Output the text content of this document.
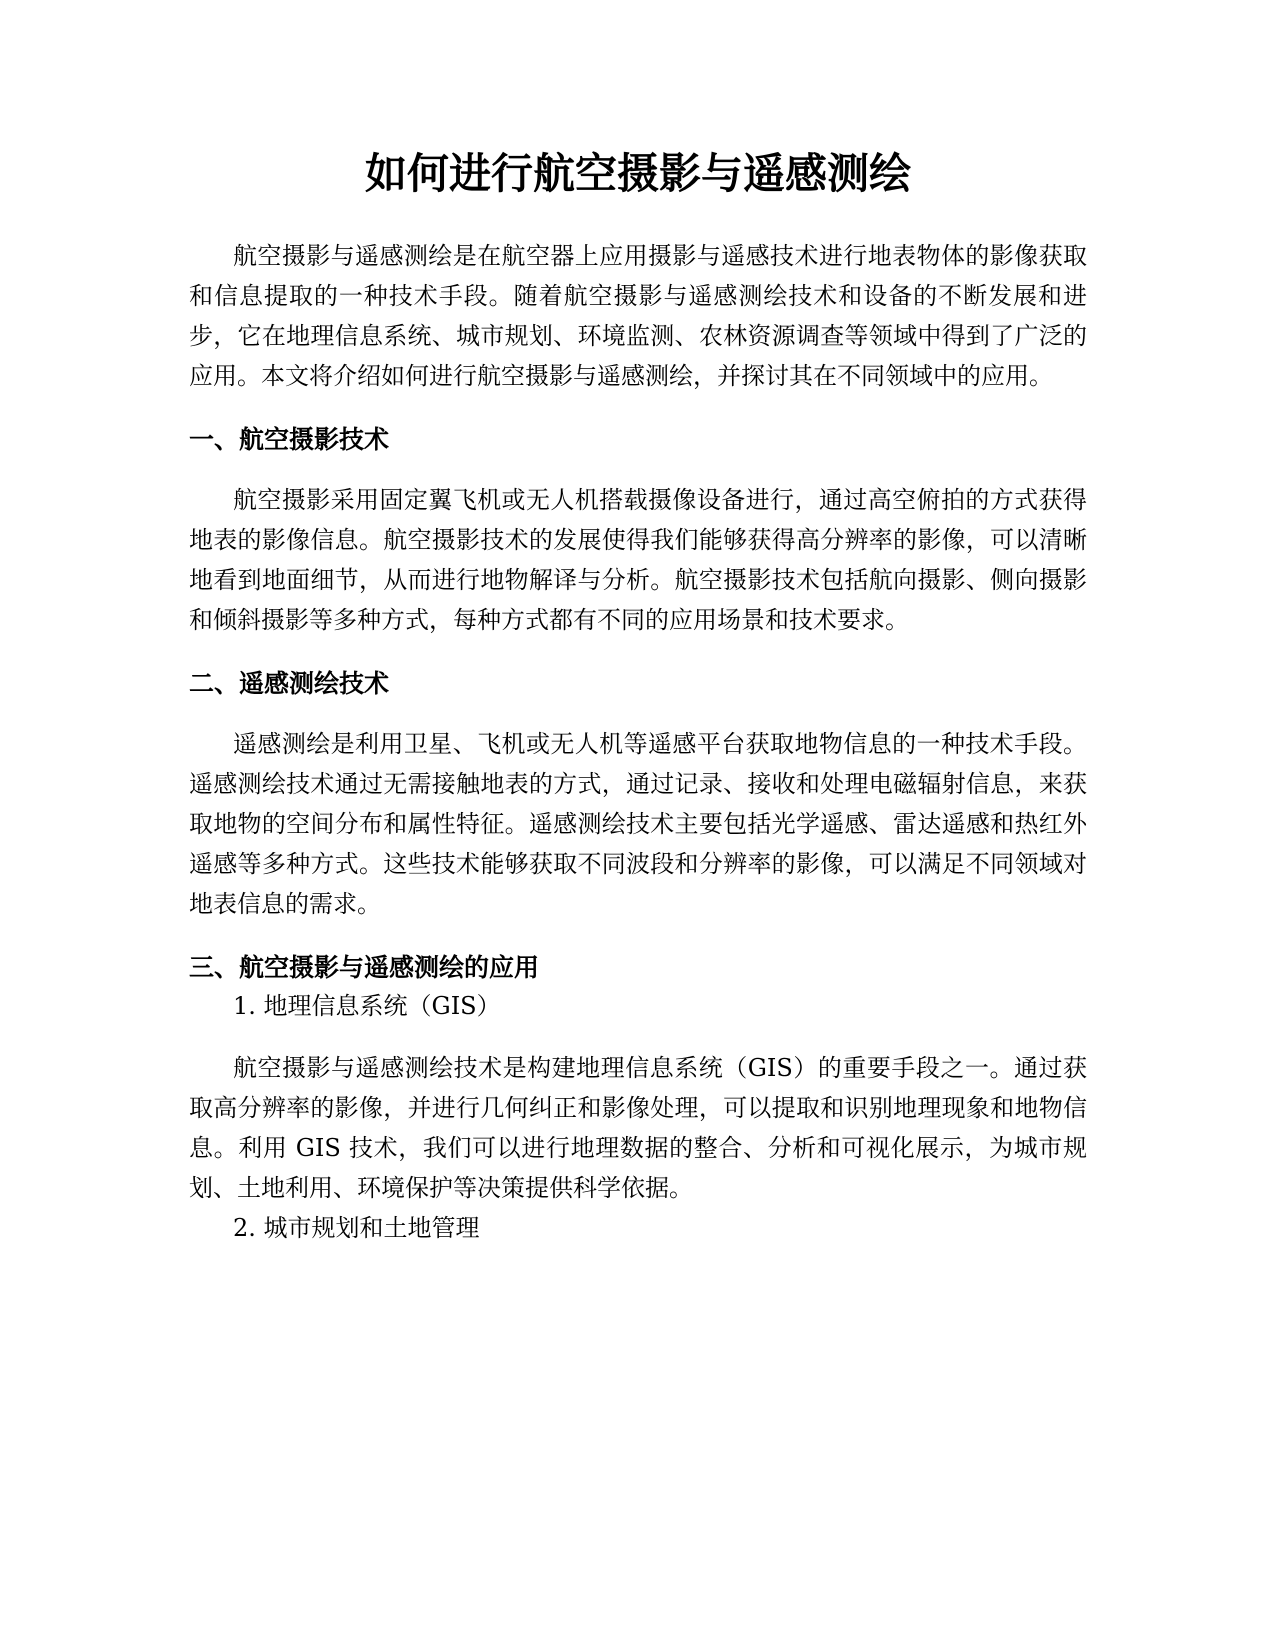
如何进行航空摄影与遥感测绘

航空摄影与遥感测绘是在航空器上应用摄影与遥感技术进行地表物体的影像获取和信息提取的一种技术手段。随着航空摄影与遥感测绘技术和设备的不断发展和进步，它在地理信息系统、城市规划、环境监测、农林资源调查等领域中得到了广泛的应用。本文将介绍如何进行航空摄影与遥感测绘，并探讨其在不同领域中的应用。

一、航空摄影技术

航空摄影采用固定翼飞机或无人机搭载摄像设备进行，通过高空俯拍的方式获得地表的影像信息。航空摄影技术的发展使得我们能够获得高分辨率的影像，可以清晰地看到地面细节，从而进行地物解译与分析。航空摄影技术包括航向摄影、侧向摄影和倾斜摄影等多种方式，每种方式都有不同的应用场景和技术要求。

二、遥感测绘技术

遥感测绘是利用卫星、飞机或无人机等遥感平台获取地物信息的一种技术手段。遥感测绘技术通过无需接触地表的方式，通过记录、接收和处理电磁辐射信息，来获取地物的空间分布和属性特征。遥感测绘技术主要包括光学遥感、雷达遥感和热红外遥感等多种方式。这些技术能够获取不同波段和分辨率的影像，可以满足不同领域对地表信息的需求。

三、航空摄影与遥感测绘的应用

1. 地理信息系统（GIS）

航空摄影与遥感测绘技术是构建地理信息系统（GIS）的重要手段之一。通过获取高分辨率的影像，并进行几何纠正和影像处理，可以提取和识别地理现象和地物信息。利用 GIS 技术，我们可以进行地理数据的整合、分析和可视化展示，为城市规划、土地利用、环境保护等决策提供科学依据。

2. 城市规划和土地管理
